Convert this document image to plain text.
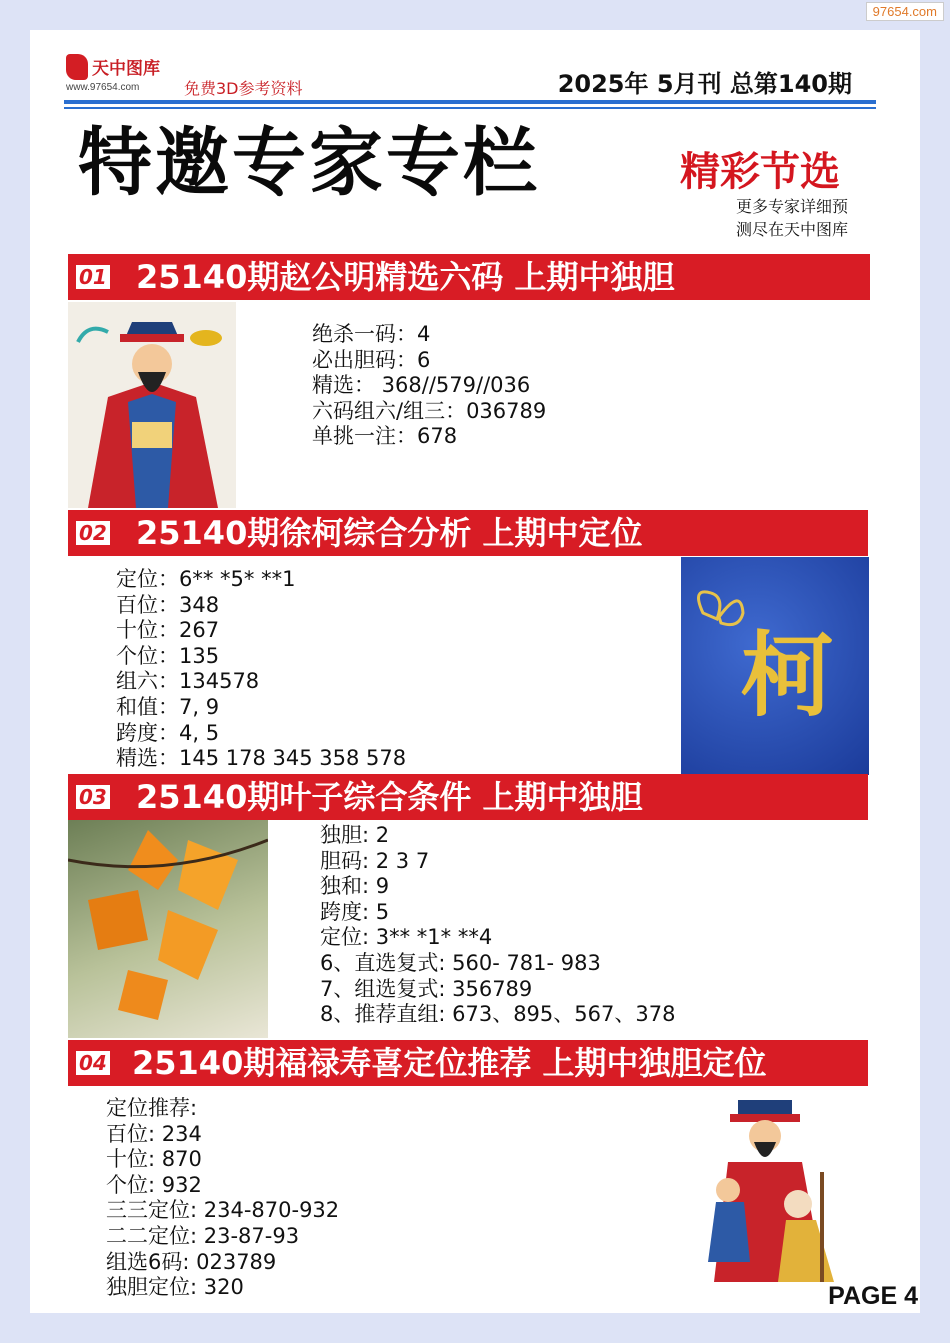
97654.com
天中图库
www.97654.com	免费3D参考资料	2025年 5月刊 总第140期
特邀专家专栏	精彩节选
更多专家详细预
测尽在天中图库
01 25140期赵公明精选六码 上期中独胆
绝杀一码：4
必出胆码：6
精选： 368//579//036
六码组六/组三：036789
单挑一注：678
02 25140期徐柯综合分析 上期中定位
定位：6** *5* **1
百位：348
十位：267
个位：135
组六：134578
和值：7, 9
跨度：4, 5
精选：145 178 345 358 578
柯
03 25140期叶子综合条件 上期中独胆
独胆: 2
胆码: 2 3 7
独和: 9
跨度: 5
定位: 3** *1* **4
6、直选复式: 560- 781- 983
7、组选复式: 356789
8、推荐直组: 673、895、567、378
04 25140期福禄寿喜定位推荐 上期中独胆定位
定位推荐:
百位: 234
十位: 870
个位: 932
三三定位: 234-870-932
二二定位: 23-87-93
组选6码: 023789
独胆定位: 320	PAGE 4
